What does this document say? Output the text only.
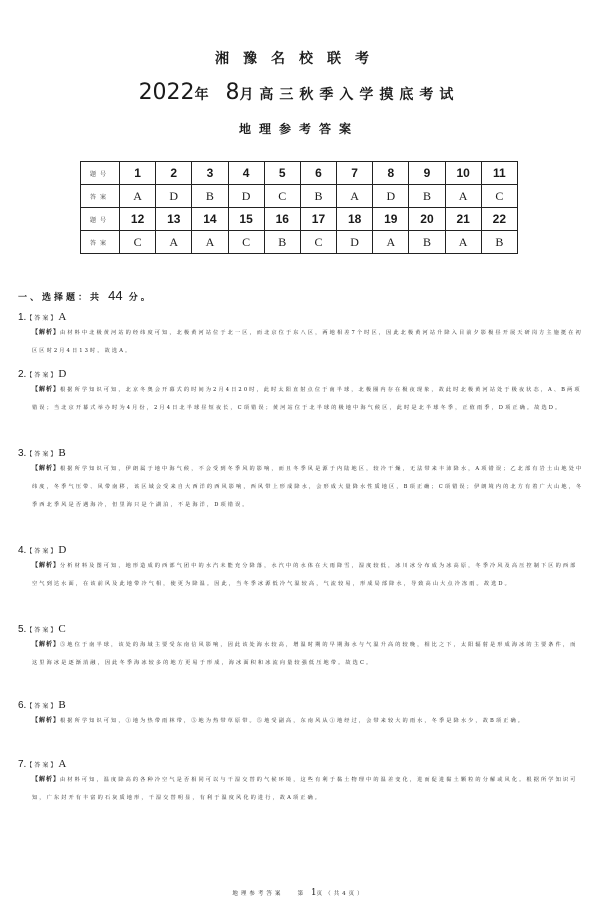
湘豫名校联考
2022年 8月高三秋季入学摸底考试
地理参考答案
题号	1	2	3	4	5	6	7	8	9	10	11
答案	A	D	B	D	C	B	A	D	B	A	C
题号	12	13	14	15	16	17	18	19	20	21	22
答案	C	A	A	C	B	C	D	A	B	A	B
一、选择题：共 44 分。
1.【答案】A
【解析】由材料中北极黄河站的经纬度可知，北极黄河站位于北一区，而北京位于东八区，两地相差7个时区，因此北极黄河站升降入目前夕影极昼开展天研岗方主施挺在初区区时2月4日13时。故选A。
2.【答案】D
【解析】根据所学知识可知，北京冬奥会开幕式的时间为2月4日20时，此时太阳直射点位于南半球，北极圈内存在极夜现象，故此时北极黄河站处于极夜状态，A、B两项错误；当北京开幕式举办时为4月份，2月4日北半球昼短夜长，C项错误；黄河站位于北半球的极地中海气候区，此时是北半球冬季，正值雨季，D项正确。故选D。
3.【答案】B
【解析】根据所学知识可知，伊朗属于地中海气候，不会受到冬季风的影响，而且冬季风是源于内陆地区，较冷干燥，无法带来丰沛降水，A项错误；乙北部有岩土山地处中纬度，冬季气压带、风带南移，该区域会受来自大西洋的西风影响，西风带上形成降水，会形成大量降水性质地区，B项正确；C项错误；伊朗境内的北方有着广大山地，冬季西北季风是否遇海冷，但里海只是个湖泊，不是海洋，D项错误。
4.【答案】D
【解析】分析材料及图可知，地形造成的西部气团中的水汽未能充分降落，水汽中的水体在大雨降雪，湿度较低，冰川冰分布成为冰高原，冬季冷风及高压控制下区的西部空气到达水面，在该前风及此地带冷气相，使更为降温。因此，当冬季冰源低冷气温较高，气流较易，形成局部降水，导致高山大点冷冻雨。故选D。
5.【答案】C
【解析】⑤地位于南半球，该处的海域主要受东南信风影响，因此该处海水较高，增温时期的早期海水与气温升高的较晚，相比之下，太阳辐射是形成海冰的主要条件，而这里海冰是逐渐消融，因此冬季海冰较多的地方更易于形成，海冰面积和冰流向量较强低压地带。故选C。
6.【答案】B
【解析】根据所学知识可知，①地为热带雨林带，⑤地为热带草原带。⑤地受副高，东南风从①地经过，会带来较大的雨水，冬季是降水少，故B项正确。
7.【答案】A
【解析】由材料可知，温度降高的各种冷空气是否相同可以与干湿交替的气候环境，这些有利于黏土物理中的温差变化，进而促进黏土颗粒的分解或风化。根据所学知识可知，广东封开有丰富的石灰质地形，干湿交替明显，有利于温度风化的进行，故A项正确。
地理参考答案	第 1页（共4页）
